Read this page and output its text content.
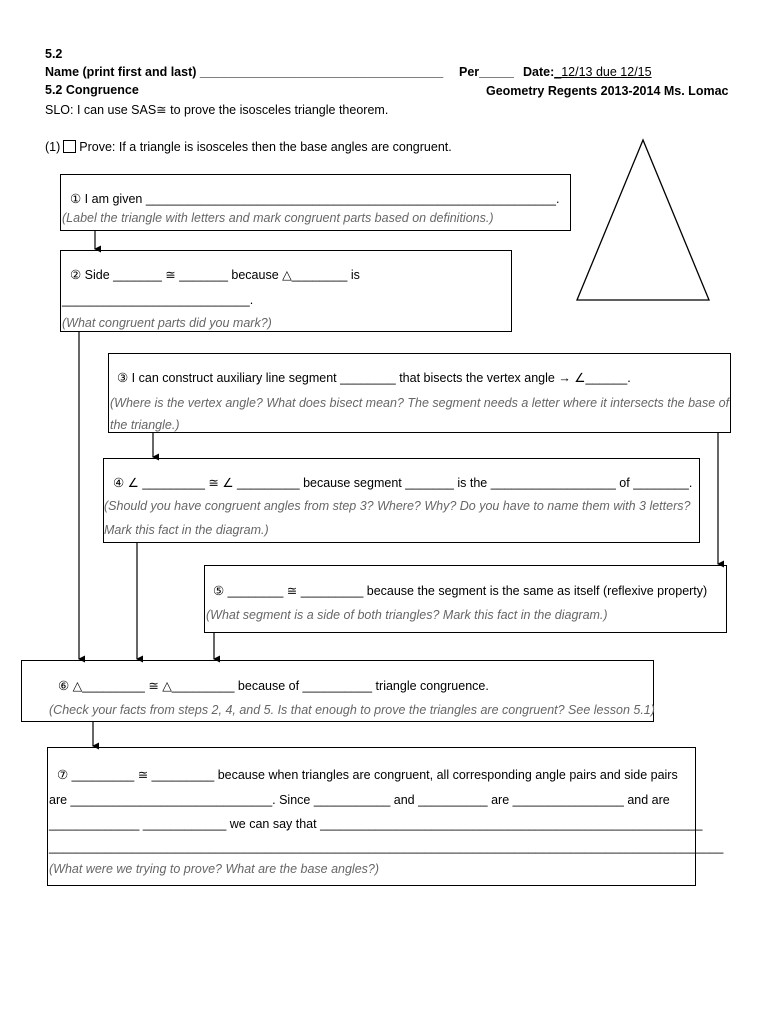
5.2
Name (print first and last) ___________________________________ Per_____ Date:_12/13 due 12/15
5.2 Congruence	Geometry Regents 2013-2014 Ms. Lomac
SLO: I can use SAS≅ to prove the isosceles triangle theorem.
(1) Prove: If a triangle is isosceles then the base angles are congruent.
① I am given ___________________________________________________________.
(Label the triangle with letters and mark congruent parts based on definitions.)
② Side _______ ≅ _______ because △________ is
___________________________.
(What congruent parts did you mark?)
③ I can construct auxiliary line segment ________ that bisects the vertex angle → ∠______.
(Where is the vertex angle? What does bisect mean? The segment needs a letter where it intersects the base of
the triangle.)
④ ∠ _________ ≅ ∠ _________ because segment _______ is the __________________ of ________.
(Should you have congruent angles from step 3? Where? Why? Do you have to name them with 3 letters?
Mark this fact in the diagram.)
⑤ ________ ≅ _________ because the segment is the same as itself (reflexive property)
(What segment is a side of both triangles? Mark this fact in the diagram.)
⑥ △_________ ≅ △_________ because of __________ triangle congruence.
(Check your facts from steps 2, 4, and 5. Is that enough to prove the triangles are congruent? See lesson 5.1)
⑦ _________ ≅ _________ because when triangles are congruent, all corresponding angle pairs and side pairs
are _____________________________. Since ___________ and __________ are ________________ and are
_____________ ____________ we can say that _______________________________________________________
_________________________________________________________________________________________________
(What were we trying to prove? What are the base angles?)
